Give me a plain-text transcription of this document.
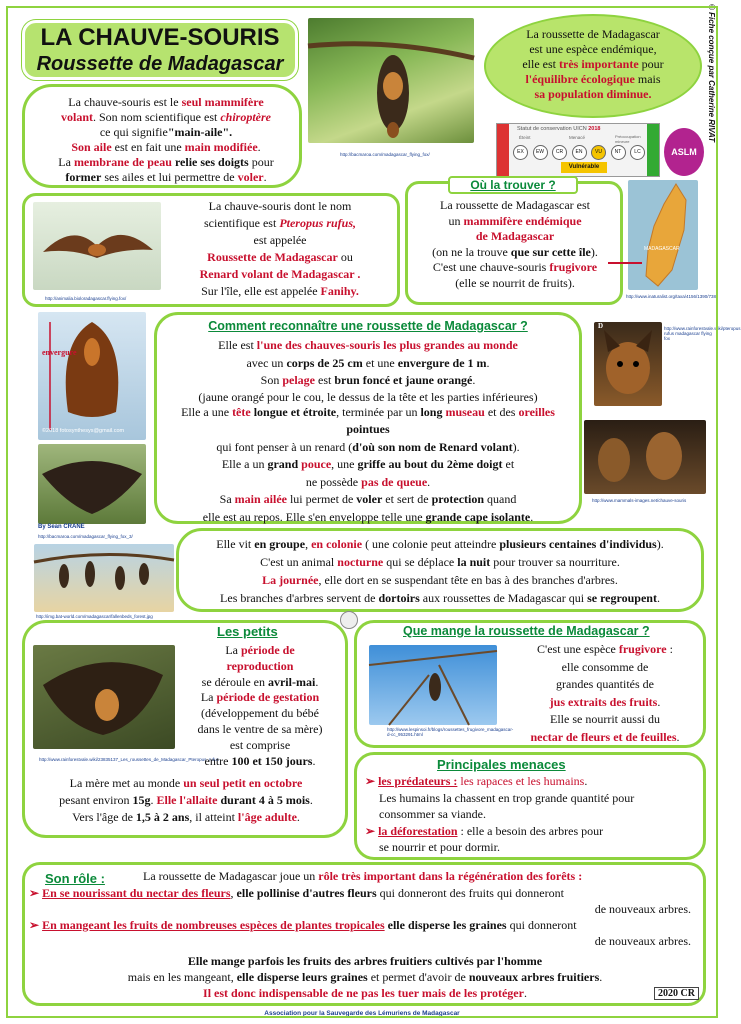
LA CHAUVE-SOURIS
Roussette de Madagascar	© Fiche conçue par Catherine RIVAT
http://bacmaroa.com/madagascar_flying_fox/
La roussette de Madagascar
est une espèce endémique,
elle est très importante pour
l'équilibre écologique mais
sa population diminue.
Statut de conservation UICN 2018
Éteint	Menacé	Préoccupation mineure
EX	EW	CR	EN	VU	NT	LC
Vulnérable
ASLM

La chauve-souris est le seul mammifère

volant. Son nom scientifique est chiroptère

ce qui signifie"main-aile".

Son aile est en fait une main modifiée.

La membrane de peau relie ses doigts pour

former ses ailes et lui permettre de voler.

http://animalia.bioloradagascar.flying.fox/
La chauve-souris dont le nom
scientifique est Pteropus rufus,
est appelée
Roussette de Madagascar ou
Renard volant de Madagascar .
Sur l'île, elle est appelée Fanihy.
Où la trouver ?
La roussette de Madagascar est
un mammifère endémique
de Madagascar
(on ne la trouve que sur cette île).
C'est une chauve-souris frugivore
(elle se nourrit de fruits).
MADAGASCAR
http://www.inaturalist.org/taxa/4156/1390/738
envergure
©2018 fotosynthesys@gmail.com
By Sean CRANE
http://bacmaroa.com/madagascar_flying_fox_3/
http://img.bat-world.com/madagascar/fallenbeds_forest.jpg
Comment reconnaître une roussette de Madagascar ?
Elle est l'une des chauves-souris les plus grandes au monde
avec un corps de 25 cm et une envergure de 1 m.
Son pelage est brun foncé et jaune orangé.
(jaune orangé pour le cou, le dessus de la tête et les parties inférieures)
Elle a une tête longue et étroite, terminée par un long museau et des oreilles pointues
qui font penser à un renard (d'où son nom de Renard volant).
Elle a un grand pouce, une griffe au bout du 2ème doigt et
ne possède pas de queue.
Sa main ailée lui permet de voler et sert de protection quand
elle est au repos. Elle s'en enveloppe telle une grande cape isolante.
D	http://www.rainforestvale.wiki/pteropus rufus madagascar flying fox
http://www.mammals-images.net/chauve-souris
Elle vit en groupe, en colonie ( une colonie peut atteindre plusieurs centaines d'individus).
C'est un animal nocturne qui se déplace la nuit pour trouver sa nourriture.
La journée, elle dort en se suspendant tête en bas à des branches d'arbres.
Les branches d'arbres servent de dortoirs aux roussettes de Madagascar qui se regroupent.
Les petits
http://www.rainforestvale.wiki/23835137_Les_roussettes_de_Madagascar_Pteropus_rufus
La période de
reproduction
se déroule en avril-mai.
La période de gestation
(développement du bébé
dans le ventre de sa mère)
est comprise
entre 100 et 150 jours.
La mère met au monde un seul petit en octobre
pesant environ 15g. Elle l'allaite durant 4 à 5 mois.
Vers l'âge de 1,5 à 2 ans, il atteint l'âge adulte.
Que mange la roussette de Madagascar ?
http://www.lespinsoi.fr/blogs/roussettes_frugivore_madagascar-d-cc_953291.html
C'est une espèce frugivore :
elle consomme de
grandes quantités de
jus extraits des fruits.
Elle se nourrit aussi du
nectar de fleurs et de feuilles.
Principales menaces
➢ les prédateurs : les rapaces et les humains.
Les humains la chassent en trop grande quantité pour
consommer sa viande.
➢ la déforestation : elle a besoin des arbres pour
se nourrir et pour dormir.
Son rôle :	La roussette de Madagascar joue un rôle très important dans la régénération des forêts :
➢ En se nourissant du nectar des fleurs, elle pollinise d'autres fleurs qui donneront des fruits qui donneront
de nouveaux arbres.
➢ En mangeant les fruits de nombreuses espèces de plantes tropicales elle disperse les graines qui donneront
de nouveaux arbres.
Elle mange parfois les fruits des arbres fruitiers cultivés par l'homme
mais en les mangeant, elle disperse leurs graines et permet d'avoir de nouveaux arbres fruitiers.
Il est donc indispensable de ne pas les tuer mais de les protéger.	2020 CR
Association pour la Sauvegarde des Lémuriens de Madagascar
